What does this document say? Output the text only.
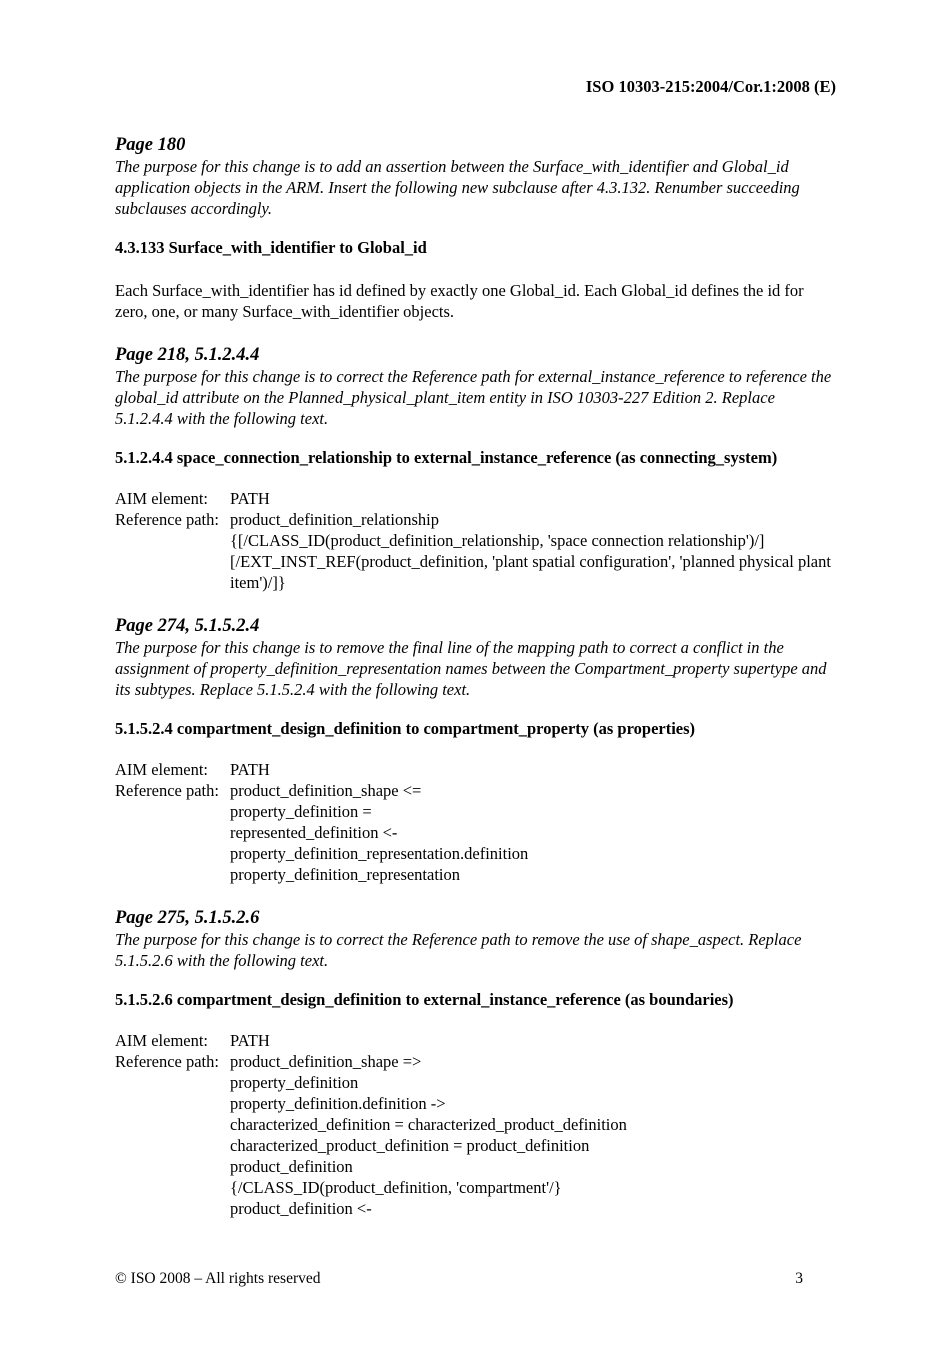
ISO 10303-215:2004/Cor.1:2008 (E)
Page 180

The purpose for this change is to add an assertion between the Surface_with_identifier and Global_id application objects in the ARM. Insert the following new subclause after 4.3.132. Renumber succeeding subclauses accordingly.

4.3.133 Surface_with_identifier to Global_id
Each Surface_with_identifier has id defined by exactly one Global_id. Each Global_id defines the id for zero, one, or many Surface_with_identifier objects.
Page 218, 5.1.2.4.4

The purpose for this change is to correct the Reference path for external_instance_reference to reference the global_id attribute on the Planned_physical_plant_item entity in ISO 10303-227 Edition 2. Replace 5.1.2.4.4 with the following text.

5.1.2.4.4 space_connection_relationship to external_instance_reference (as connecting_system)
AIM element:	PATH
Reference path: product_definition_relationship
{[/CLASS_ID(product_definition_relationship, 'space connection relationship')/]
[/EXT_INST_REF(product_definition, 'plant spatial configuration', 'planned physical plant item')/]}
Page 274, 5.1.5.2.4

The purpose for this change is to remove the final line of the mapping path to correct a conflict in the assignment of property_definition_representation names between the Compartment_property supertype and its subtypes. Replace 5.1.5.2.4 with the following text.

5.1.5.2.4 compartment_design_definition to compartment_property (as properties)
AIM element:	PATH
Reference path: product_definition_shape <=
property_definition =
represented_definition <-
property_definition_representation.definition
property_definition_representation
Page 275, 5.1.5.2.6

The purpose for this change is to correct the Reference path to remove the use of shape_aspect. Replace 5.1.5.2.6 with the following text.

5.1.5.2.6 compartment_design_definition to external_instance_reference (as boundaries)
AIM element:	PATH
Reference path: product_definition_shape =>
property_definition
property_definition.definition ->
characterized_definition = characterized_product_definition
characterized_product_definition = product_definition
product_definition
{/CLASS_ID(product_definition, 'compartment'/}
product_definition <-
© ISO 2008 – All rights reserved	3
